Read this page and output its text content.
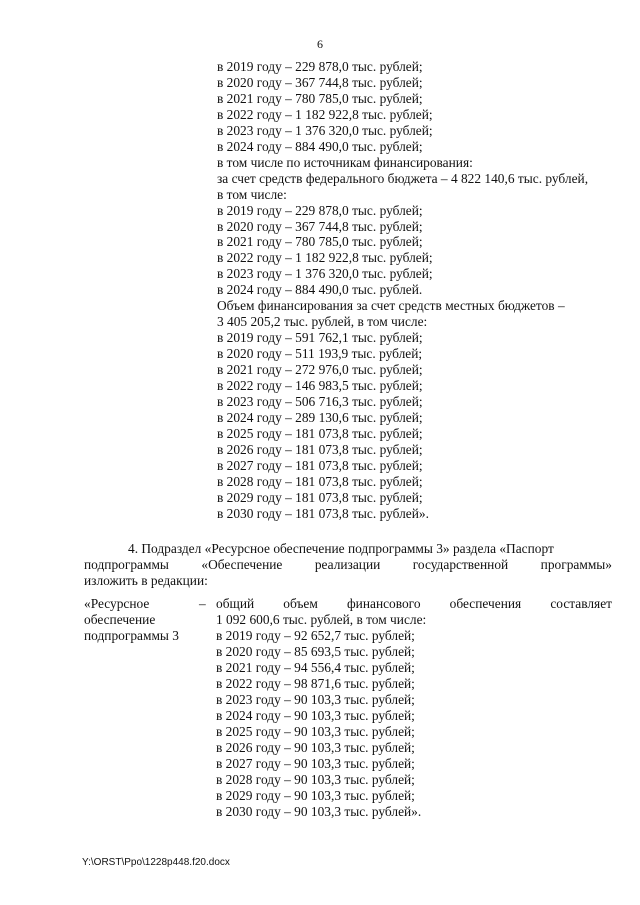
6
в 2019 году – 229 878,0 тыс. рублей;
в 2020 году – 367 744,8 тыс. рублей;
в 2021 году – 780 785,0 тыс. рублей;
в 2022 году – 1 182 922,8 тыс. рублей;
в 2023 году – 1 376 320,0 тыс. рублей;
в 2024 году – 884 490,0 тыс. рублей;
в том числе по источникам финансирования:
за счет средств федерального бюджета – 4 822 140,6 тыс. рублей,
в том числе:
в 2019 году – 229 878,0 тыс. рублей;
в 2020 году – 367 744,8 тыс. рублей;
в 2021 году – 780 785,0 тыс. рублей;
в 2022 году – 1 182 922,8 тыс. рублей;
в 2023 году – 1 376 320,0 тыс. рублей;
в 2024 году – 884 490,0 тыс. рублей.
Объем финансирования за счет средств местных бюджетов –
3 405 205,2 тыс. рублей, в том числе:
в 2019 году – 591 762,1 тыс. рублей;
в 2020 году – 511 193,9 тыс. рублей;
в 2021 году – 272 976,0 тыс. рублей;
в 2022 году – 146 983,5 тыс. рублей;
в 2023 году – 506 716,3 тыс. рублей;
в 2024 году – 289 130,6 тыс. рублей;
в 2025 году – 181 073,8 тыс. рублей;
в 2026 году – 181 073,8 тыс. рублей;
в 2027 году – 181 073,8 тыс. рублей;
в 2028 году – 181 073,8 тыс. рублей;
в 2029 году – 181 073,8 тыс. рублей;
в 2030 году – 181 073,8 тыс. рублей».
4. Подраздел «Ресурсное обеспечение подпрограммы 3» раздела «Паспорт
подпрограммы «Обеспечение реализации государственной программы»
изложить в редакции:
«Ресурсное
обеспечение
подпрограммы 3
– общий объем финансового обеспечения составляет
1 092 600,6 тыс. рублей, в том числе:
в 2019 году – 92 652,7 тыс. рублей;
в 2020 году – 85 693,5 тыс. рублей;
в 2021 году – 94 556,4 тыс. рублей;
в 2022 году – 98 871,6 тыс. рублей;
в 2023 году – 90 103,3 тыс. рублей;
в 2024 году – 90 103,3 тыс. рублей;
в 2025 году – 90 103,3 тыс. рублей;
в 2026 году – 90 103,3 тыс. рублей;
в 2027 году – 90 103,3 тыс. рублей;
в 2028 году – 90 103,3 тыс. рублей;
в 2029 году – 90 103,3 тыс. рублей;
в 2030 году – 90 103,3 тыс. рублей».
Y:\ORST\Ppo\1228p448.f20.docx
